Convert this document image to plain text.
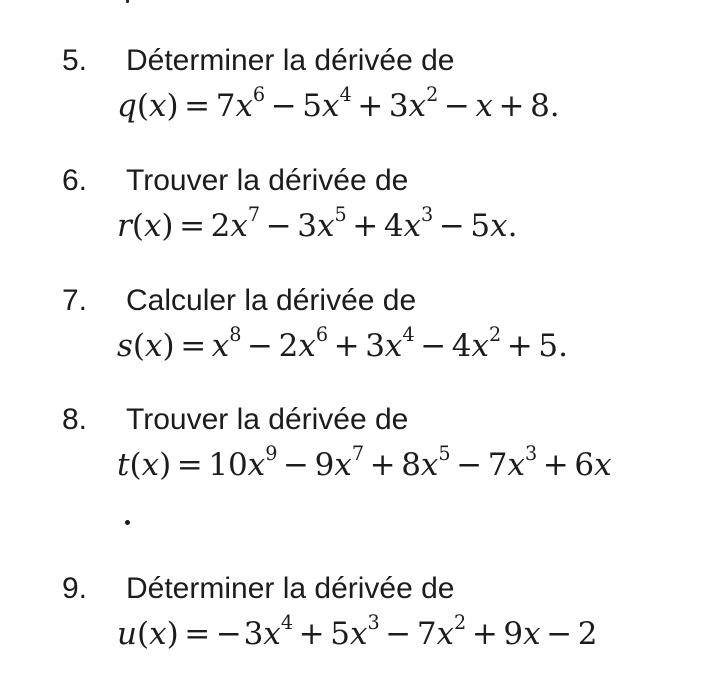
5. Déterminer la dérivée de
$q(x) = 7x^6 - 5x^4 + 3x^2 - x + 8$.
6. Trouver la dérivée de
$r(x) = 2x^7 - 3x^5 + 4x^3 - 5x$.
7. Calculer la dérivée de
$s(x) = x^8 - 2x^6 + 3x^4 - 4x^2 + 5$.
8. Trouver la dérivée de
$t(x) = 10x^9 - 9x^7 + 8x^5 - 7x^3 + 6x$
9. Déterminer la dérivée de
$u(x) = -3x^4 + 5x^3 - 7x^2 + 9x - 2$
